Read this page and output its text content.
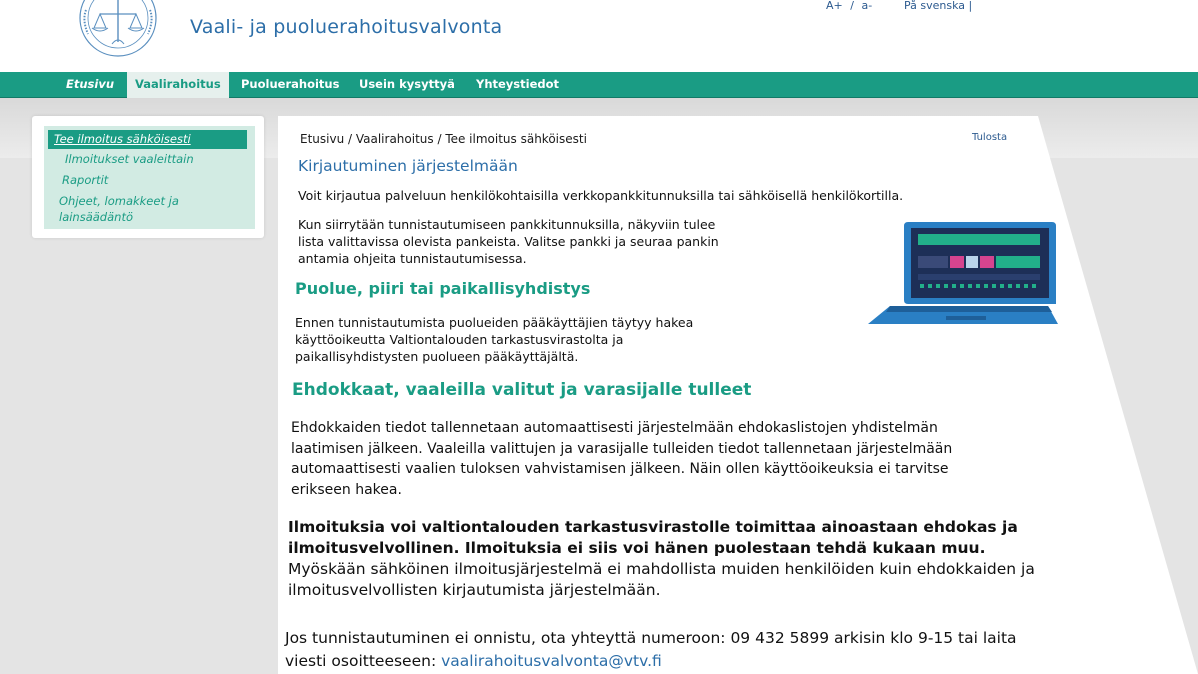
Vaali- ja puoluerahoitusvalvonta
A+ / a-	På svenska |
Etusivu	Vaalirahoitus	Puoluerahoitus Usein kysyttyä Yhteystiedot
Tee ilmoitus sähköisesti
Ilmoitukset vaaleittain
Raportit
Ohjeet, lomakkeet ja
lainsäädäntö
Etusivu / Vaalirahoitus / Tee ilmoitus sähköisesti	Tulosta
Kirjautuminen järjestelmään
Voit kirjautua palveluun henkilökohtaisilla verkkopankkitunnuksilla tai sähköisellä henkilökortilla.
Kun siirrytään tunnistautumiseen pankkitunnuksilla, näkyviin tulee
lista valittavissa olevista pankeista. Valitse pankki ja seuraa pankin
antamia ohjeita tunnistautumisessa.
Puolue, piiri tai paikallisyhdistys
Ennen tunnistautumista puolueiden pääkäyttäjien täytyy hakea
käyttöoikeutta Valtiontalouden tarkastusvirastolta ja
paikallisyhdistysten puolueen pääkäyttäjältä.
Ehdokkaat, vaaleilla valitut ja varasijalle tulleet
Ehdokkaiden tiedot tallennetaan automaattisesti järjestelmään ehdokaslistojen yhdistelmän
laatimisen jälkeen. Vaaleilla valittujen ja varasijalle tulleiden tiedot tallennetaan järjestelmään
automaattisesti vaalien tuloksen vahvistamisen jälkeen. Näin ollen käyttöoikeuksia ei tarvitse
erikseen hakea.
Ilmoituksia voi valtiontalouden tarkastusvirastolle toimittaa ainoastaan ehdokas ja
ilmoitusvelvollinen. Ilmoituksia ei siis voi hänen puolestaan tehdä kukaan muu.
Myöskään sähköinen ilmoitusjärjestelmä ei mahdollista muiden henkilöiden kuin ehdokkaiden ja
ilmoitusvelvollisten kirjautumista järjestelmään.
Jos tunnistautuminen ei onnistu, ota yhteyttä numeroon: 09 432 5899 arkisin klo 9-15 tai laita
viesti osoitteeseen: vaalirahoitusvalvonta@vtv.fi
